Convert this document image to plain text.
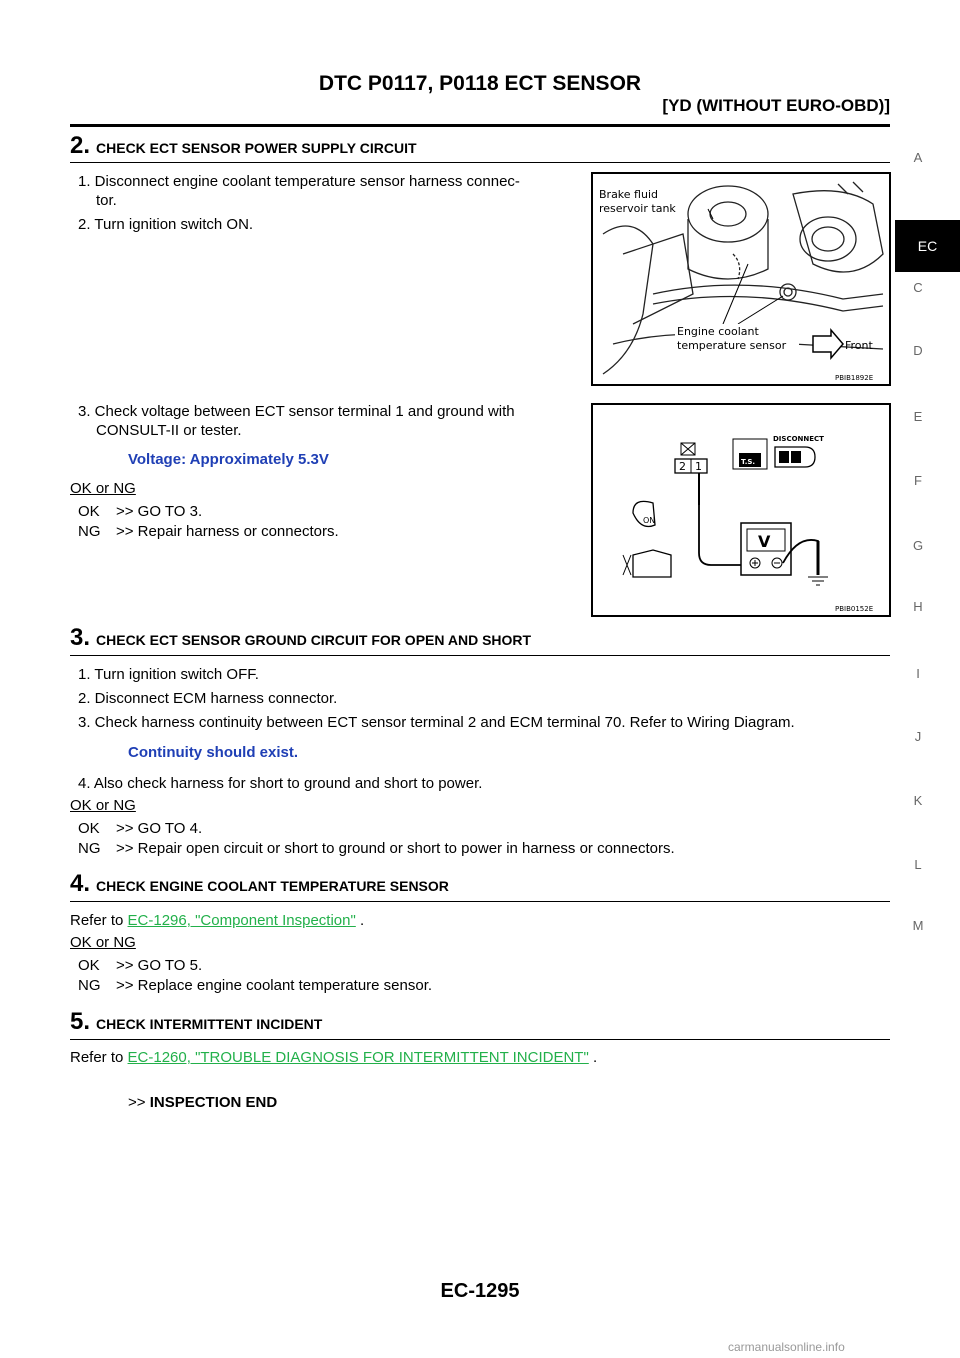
DTC P0117, P0118 ECT SENSOR
[YD (WITHOUT EURO-OBD)]
A
EC
C
D
E
F
G
H
I
J
K
L
M
2. CHECK ECT SENSOR POWER SUPPLY CIRCUIT
1. Disconnect engine coolant temperature sensor harness connec-
tor.
2. Turn ignition switch ON.
Brake fluid
reservoir tank
Engine coolant
temperature sensor	Front
PBIB1892E
3. Check voltage between ECT sensor terminal 1 and ground with
CONSULT-II or tester.
Voltage: Approximately 5.3V
OK or NG
OK >> GO TO 3.
NG >> Repair harness or connectors.
2 1	T.S.
DISCONNECT
ON
V
PBIB0152E
3. CHECK ECT SENSOR GROUND CIRCUIT FOR OPEN AND SHORT
1. Turn ignition switch OFF.
2. Disconnect ECM harness connector.
3. Check harness continuity between ECT sensor terminal 2 and ECM terminal 70. Refer to Wiring Diagram.
Continuity should exist.
4. Also check harness for short to ground and short to power.
OK or NG
OK >> GO TO 4.
NG >> Repair open circuit or short to ground or short to power in harness or connectors.
4. CHECK ENGINE COOLANT TEMPERATURE SENSOR
Refer to EC-1296, "Component Inspection" .
OK or NG
OK >> GO TO 5.
NG >> Replace engine coolant temperature sensor.
5. CHECK INTERMITTENT INCIDENT
Refer to EC-1260, "TROUBLE DIAGNOSIS FOR INTERMITTENT INCIDENT" .
>> INSPECTION END
EC-1295
carmanualsonline.info
